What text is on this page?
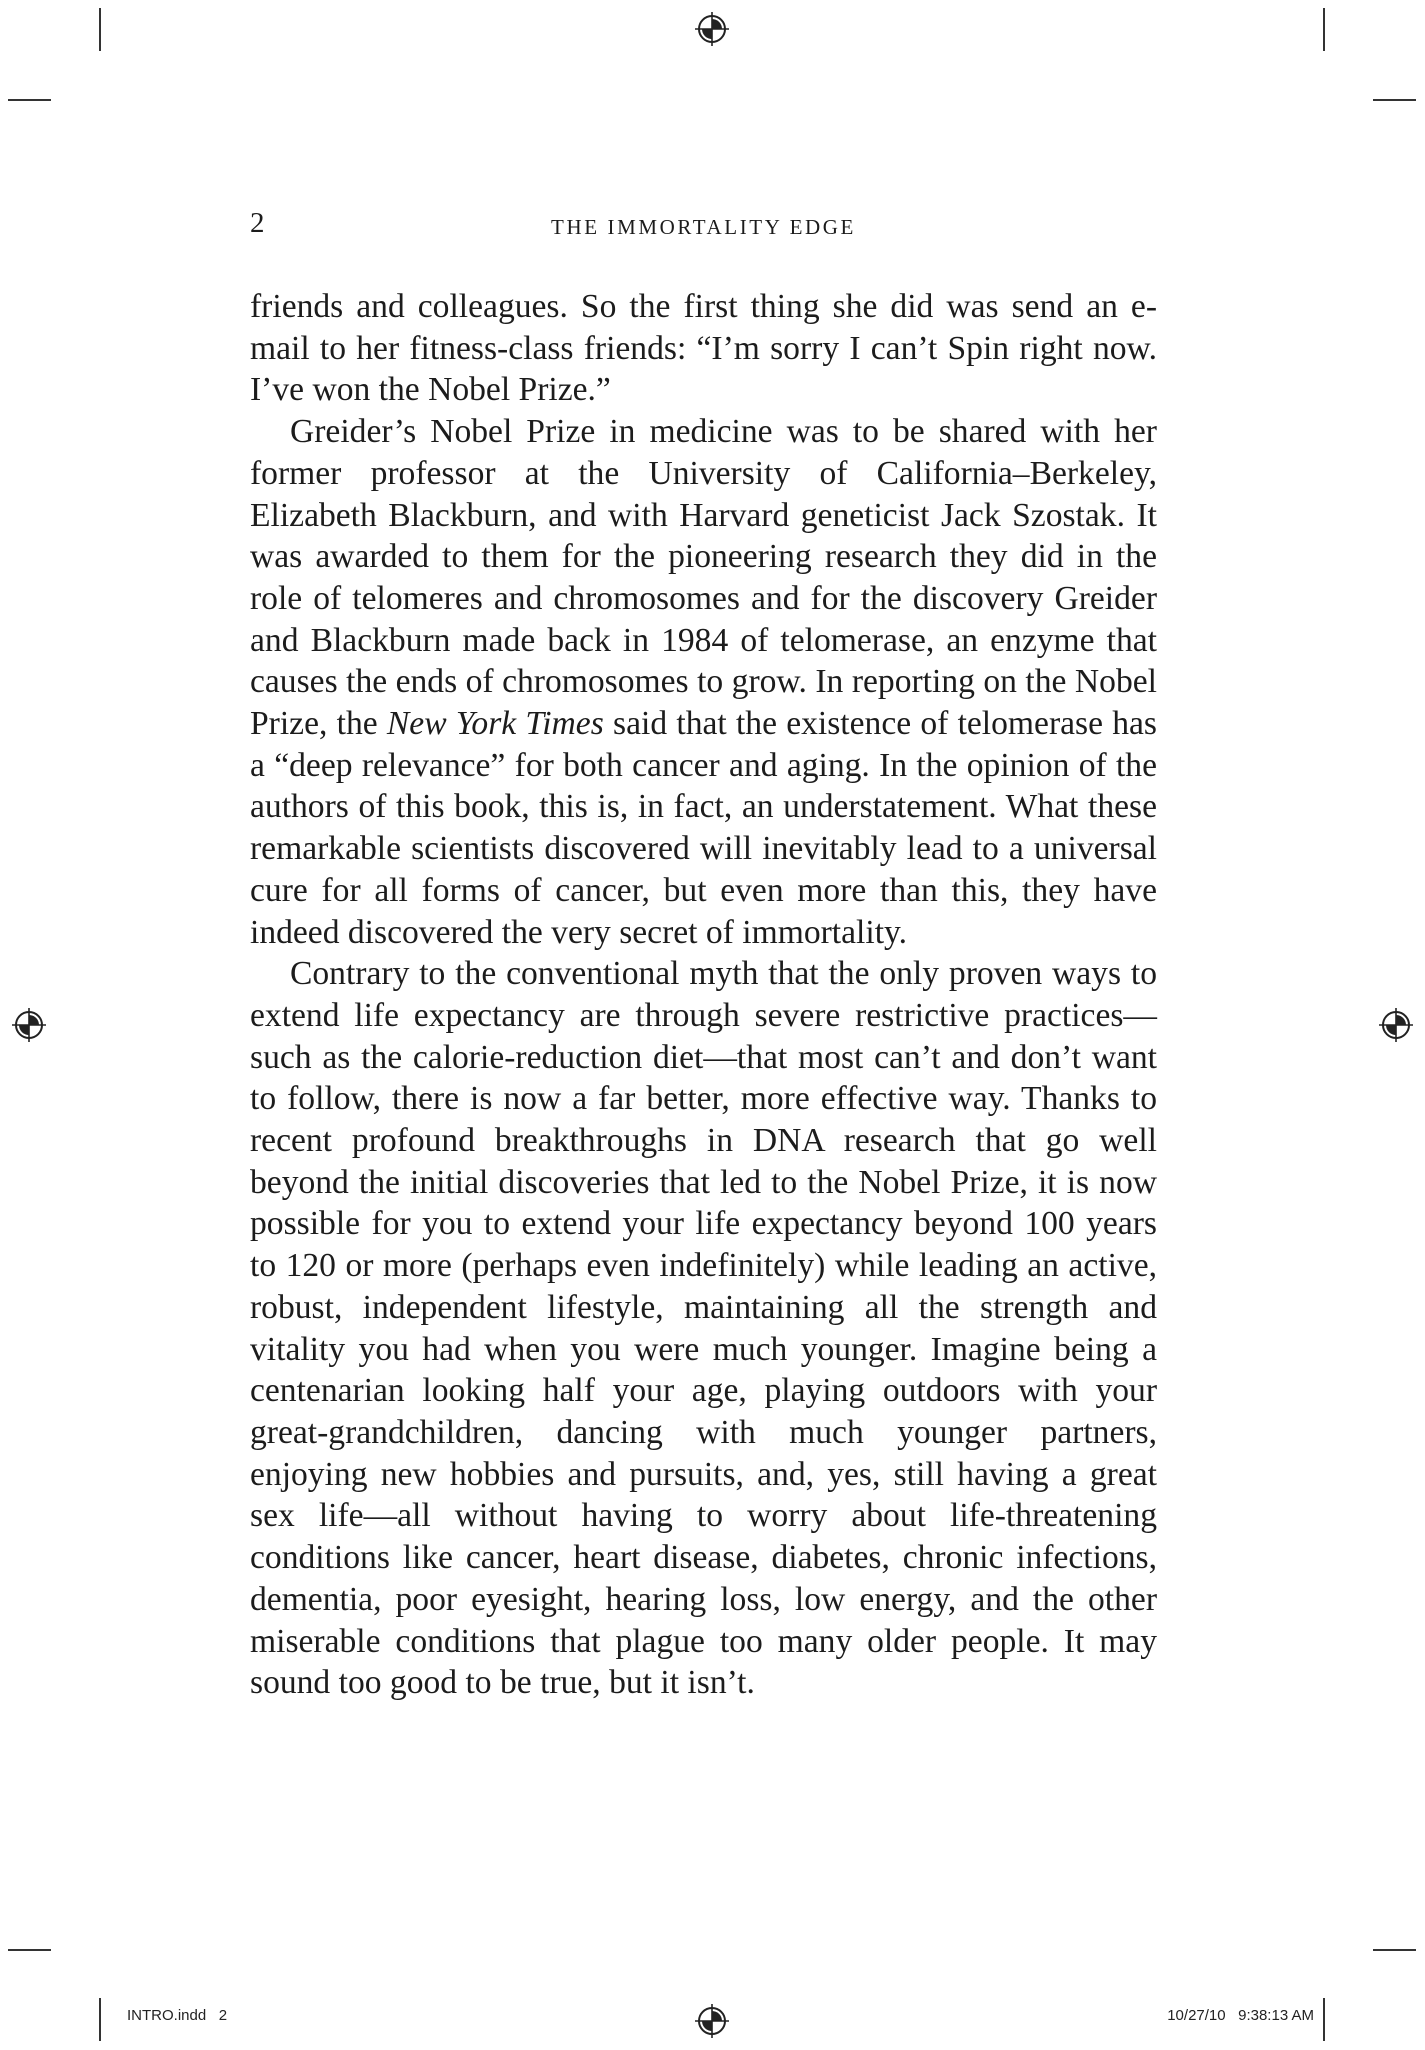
2	THE IMMORTALITY EDGE

friends and colleagues. So the first thing she did was send an e-mail to her fitness-class friends: “I’m sorry I can’t Spin right now. I’ve won the Nobel Prize.”

Greider’s Nobel Prize in medicine was to be shared with her former professor at the University of California–Berkeley, Elizabeth Blackburn, and with Harvard geneticist Jack Szostak. It was awarded to them for the pioneering research they did in the role of telomeres and chromosomes and for the discovery Greider and Blackburn made back in 1984 of telomerase, an enzyme that causes the ends of chromosomes to grow. In reporting on the Nobel Prize, the New York Times said that the existence of telomerase has a “deep relevance” for both cancer and aging. In the opinion of the authors of this book, this is, in fact, an understatement. What these remarkable scientists discovered will inevitably lead to a universal cure for all forms of cancer, but even more than this, they have indeed discovered the very secret of immortality.

Contrary to the conventional myth that the only proven ways to extend life expectancy are through severe restrictive practices—such as the calorie-reduction diet—that most can’t and don’t want to follow, there is now a far better, more effective way. Thanks to recent profound breakthroughs in DNA research that go well beyond the initial discoveries that led to the Nobel Prize, it is now possible for you to extend your life expectancy beyond 100 years to 120 or more (perhaps even indefinitely) while leading an active, robust, independent lifestyle, maintaining all the strength and vitality you had when you were much younger. Imagine being a centenarian looking half your age, playing outdoors with your great-grandchildren, dancing with much younger partners, enjoying new hobbies and pursuits, and, yes, still having a great sex life—all without having to worry about life-threatening conditions like cancer, heart disease, diabetes, chronic infections, dementia, poor eyesight, hearing loss, low energy, and the other miserable conditions that plague too many older people. It may sound too good to be true, but it isn’t.

INTRO.indd   2	10/27/10   9:38:13 AM
